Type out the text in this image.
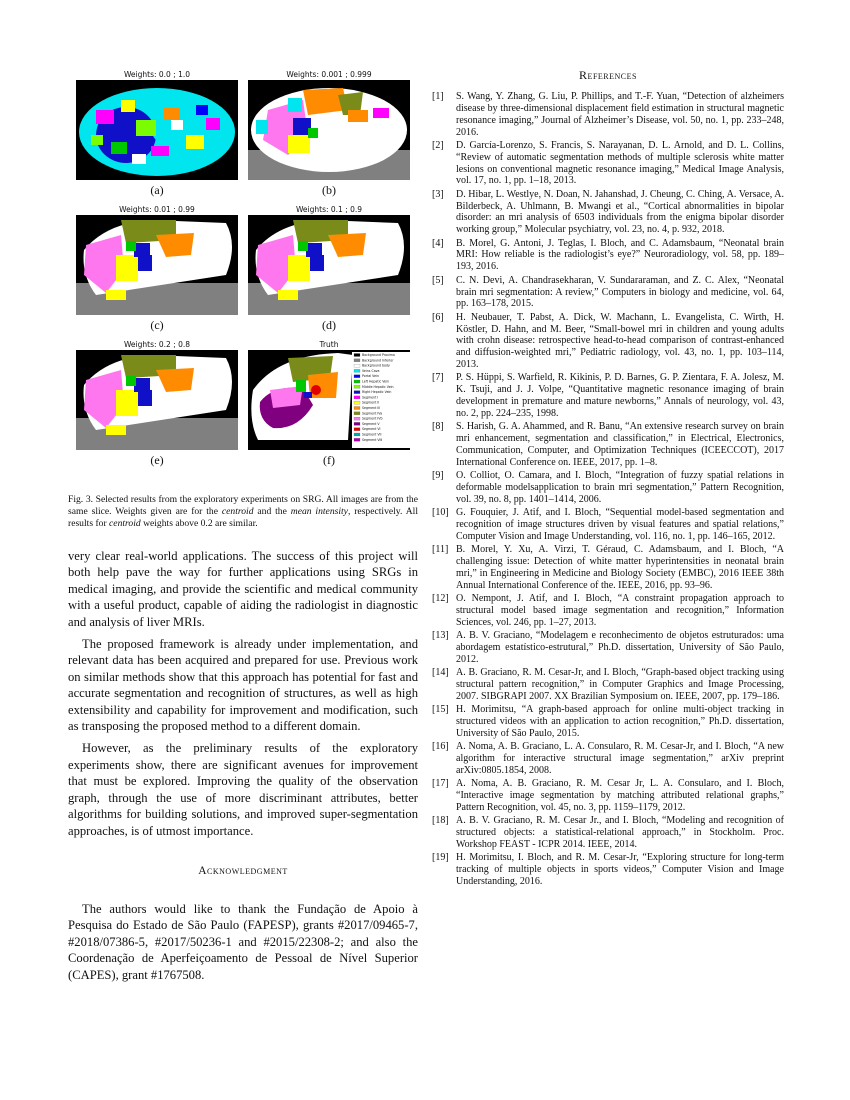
Weights: 0.0 ; 1.0
(a)
Weights: 0.001 ; 0.999
(b)
Weights: 0.01 ; 0.99
(c)
Weights: 0.1 ; 0.9
(d)
Weights: 0.2 ; 0.8
(e)
Truth
Background Proxima
Background Inferior
Background body
Veins Cava
Portal Vein
Left Hepatic Vein
Middle Hepatic Vein
Right Hepatic Vein
Segment I
Segment II
Segment III
Segment IVa
Segment IVb
Segment V
Segment VI
Segment VII
Segment VIII
(f)
Fig. 3. Selected results from the exploratory experiments on SRG. All images are from the same slice. Weights given are for the centroid and the mean intensity, respectively. All results for centroid weights above 0.2 are similar.

very clear real-world applications. The success of this project will both help pave the way for further applications using SRGs in medical imaging, and provide the scientific and medical community with a useful product, capable of aiding the radiologist in diagnostic and analysis of liver MRIs.

The proposed framework is already under implementation, and relevant data has been acquired and prepared for use. Previous work on similar methods show that this approach has potential for fast and accurate segmentation and recognition of structures, as well as high extensibility and capability for improvement and modification, such as transposing the proposed method to a different domain.

However, as the preliminary results of the exploratory experiments show, there are significant avenues for improvement that must be explored. Improving the quality of the observation graph, through the use of more discriminant attributes, better algorithms for building solutions, and improved super-segmentation approaches, is of utmost importance.

Acknowledgment

The authors would like to thank the Fundação de Apoio à Pesquisa do Estado de São Paulo (FAPESP), grants #2017/09465-7, #2018/07386-5, #2017/50236-1 and #2015/22308-2; and also the Coordenação de Aperfeiçoamento de Pessoal de Nível Superior (CAPES), grant #1767508.

References
[1]	S. Wang, Y. Zhang, G. Liu, P. Phillips, and T.-F. Yuan, “Detection of alzheimers disease by three-dimensional displacement field estimation in structural magnetic resonance imaging,” Journal of Alzheimer’s Disease, vol. 50, no. 1, pp. 233–248, 2016.
[2]	D. García-Lorenzo, S. Francis, S. Narayanan, D. L. Arnold, and D. L. Collins, “Review of automatic segmentation methods of multiple sclerosis white matter lesions on conventional magnetic resonance imaging,” Medical Image Analysis, vol. 17, no. 1, pp. 1–18, 2013.
[3]	D. Hibar, L. Westlye, N. Doan, N. Jahanshad, J. Cheung, C. Ching, A. Versace, A. Bilderbeck, A. Uhlmann, B. Mwangi et al., “Cortical abnormalities in bipolar disorder: an mri analysis of 6503 individuals from the enigma bipolar disorder working group,” Molecular psychiatry, vol. 23, no. 4, p. 932, 2018.
[4]	B. Morel, G. Antoni, J. Teglas, I. Bloch, and C. Adamsbaum, “Neonatal brain MRI: How reliable is the radiologist’s eye?” Neuroradiology, vol. 58, pp. 189–193, 2016.
[5]	C. N. Devi, A. Chandrasekharan, V. Sundararaman, and Z. C. Alex, “Neonatal brain mri segmentation: A review,” Computers in biology and medicine, vol. 64, pp. 163–178, 2015.
[6]	H. Neubauer, T. Pabst, A. Dick, W. Machann, L. Evangelista, C. Wirth, H. Köstler, D. Hahn, and M. Beer, “Small-bowel mri in children and young adults with crohn disease: retrospective head-to-head comparison of contrast-enhanced and diffusion-weighted mri,” Pediatric radiology, vol. 43, no. 1, pp. 103–114, 2013.
[7]	P. S. Hüppi, S. Warfield, R. Kikinis, P. D. Barnes, G. P. Zientara, F. A. Jolesz, M. K. Tsuji, and J. J. Volpe, “Quantitative magnetic resonance imaging of brain development in premature and mature newborns,” Annals of neurology, vol. 43, no. 2, pp. 224–235, 1998.
[8]	S. Harish, G. A. Ahammed, and R. Banu, “An extensive research survey on brain mri enhancement, segmentation and classification,” in Electrical, Electronics, Communication, Computer, and Optimization Techniques (ICEECCOT), 2017 International Conference on. IEEE, 2017, pp. 1–8.
[9]	O. Colliot, O. Camara, and I. Bloch, “Integration of fuzzy spatial relations in deformable modelsapplication to brain mri segmentation,” Pattern Recognition, vol. 39, no. 8, pp. 1401–1414, 2006.
[10] G. Fouquier, J. Atif, and I. Bloch, “Sequential model-based segmentation and recognition of image structures driven by visual features and spatial relations,” Computer Vision and Image Understanding, vol. 116, no. 1, pp. 146–165, 2012.
[11] B. Morel, Y. Xu, A. Virzi, T. Géraud, C. Adamsbaum, and I. Bloch, “A challenging issue: Detection of white matter hyperintensities in neonatal brain mri,” in Engineering in Medicine and Biology Society (EMBC), 2016 IEEE 38th Annual International Conference of the. IEEE, 2016, pp. 93–96.
[12] O. Nempont, J. Atif, and I. Bloch, “A constraint propagation approach to structural model based image segmentation and recognition,” Information Sciences, vol. 246, pp. 1–27, 2013.
[13] A. B. V. Graciano, “Modelagem e reconhecimento de objetos estruturados: uma abordagem estatístico-estrutural,” Ph.D. dissertation, University of São Paulo, 2012.
[14] A. B. Graciano, R. M. Cesar-Jr, and I. Bloch, “Graph-based object tracking using structural pattern recognition,” in Computer Graphics and Image Processing, 2007. SIBGRAPI 2007. XX Brazilian Symposium on. IEEE, 2007, pp. 179–186.
[15] H. Morimitsu, “A graph-based approach for online multi-object tracking in structured videos with an application to action recognition,” Ph.D. dissertation, University of São Paulo, 2015.
[16] A. Noma, A. B. Graciano, L. A. Consularo, R. M. Cesar-Jr, and I. Bloch, “A new algorithm for interactive structural image segmentation,” arXiv preprint arXiv:0805.1854, 2008.
[17] A. Noma, A. B. Graciano, R. M. Cesar Jr, L. A. Consularo, and I. Bloch, “Interactive image segmentation by matching attributed relational graphs,” Pattern Recognition, vol. 45, no. 3, pp. 1159–1179, 2012.
[18] A. B. V. Graciano, R. M. Cesar Jr., and I. Bloch, “Modeling and recognition of structured objects: a statistical-relational approach,” in Stockholm. Proc. Workshop FEAST - ICPR 2014. IEEE, 2014.
[19] H. Morimitsu, I. Bloch, and R. M. Cesar-Jr, “Exploring structure for long-term tracking of multiple objects in sports videos,” Computer Vision and Image Understanding, 2016.
